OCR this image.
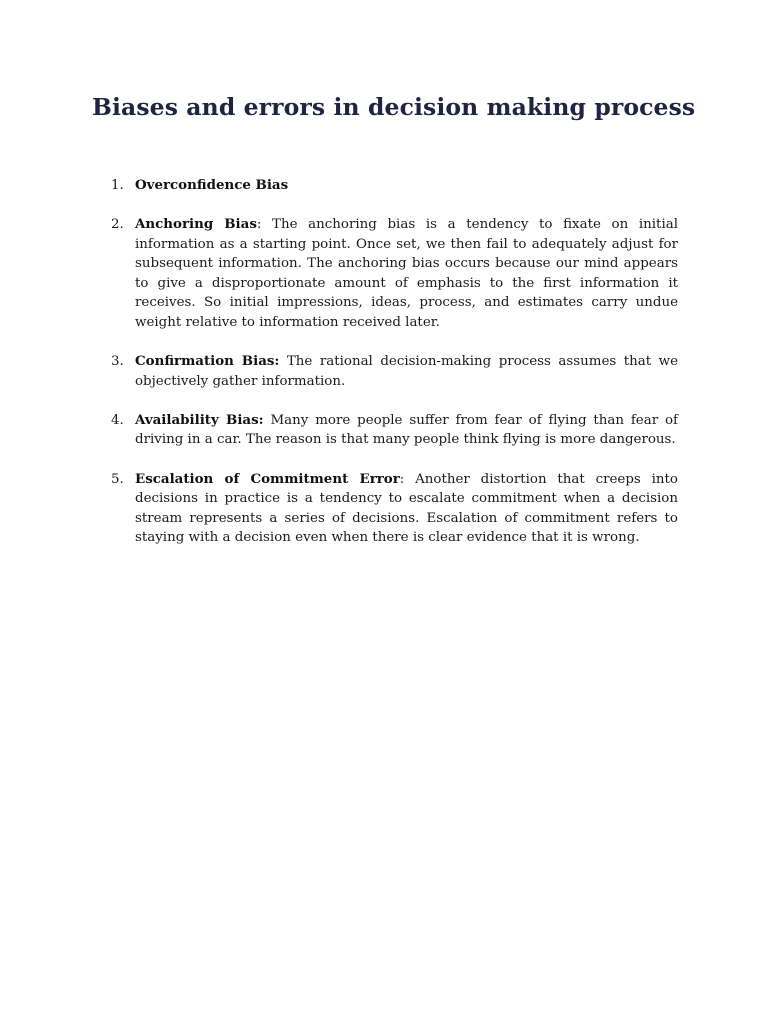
Biases and errors in decision making process
1. Overconfidence Bias
2. Anchoring Bias: The anchoring bias is a tendency to fixate on initial information as a starting point. Once set, we then fail to adequately adjust for subsequent information. The anchoring bias occurs because our mind appears to give a disproportionate amount of emphasis to the first information it receives. So initial impressions, ideas, process, and estimates carry undue weight relative to information received later.
3. Confirmation Bias: The rational decision-making process assumes that we objectively gather information.
4. Availability Bias: Many more people suffer from fear of flying than fear of driving in a car. The reason is that many people think flying is more dangerous.
5. Escalation of Commitment Error: Another distortion that creeps into decisions in practice is a tendency to escalate commitment when a decision stream represents a series of decisions. Escalation of commitment refers to staying with a decision even when there is clear evidence that it is wrong.
